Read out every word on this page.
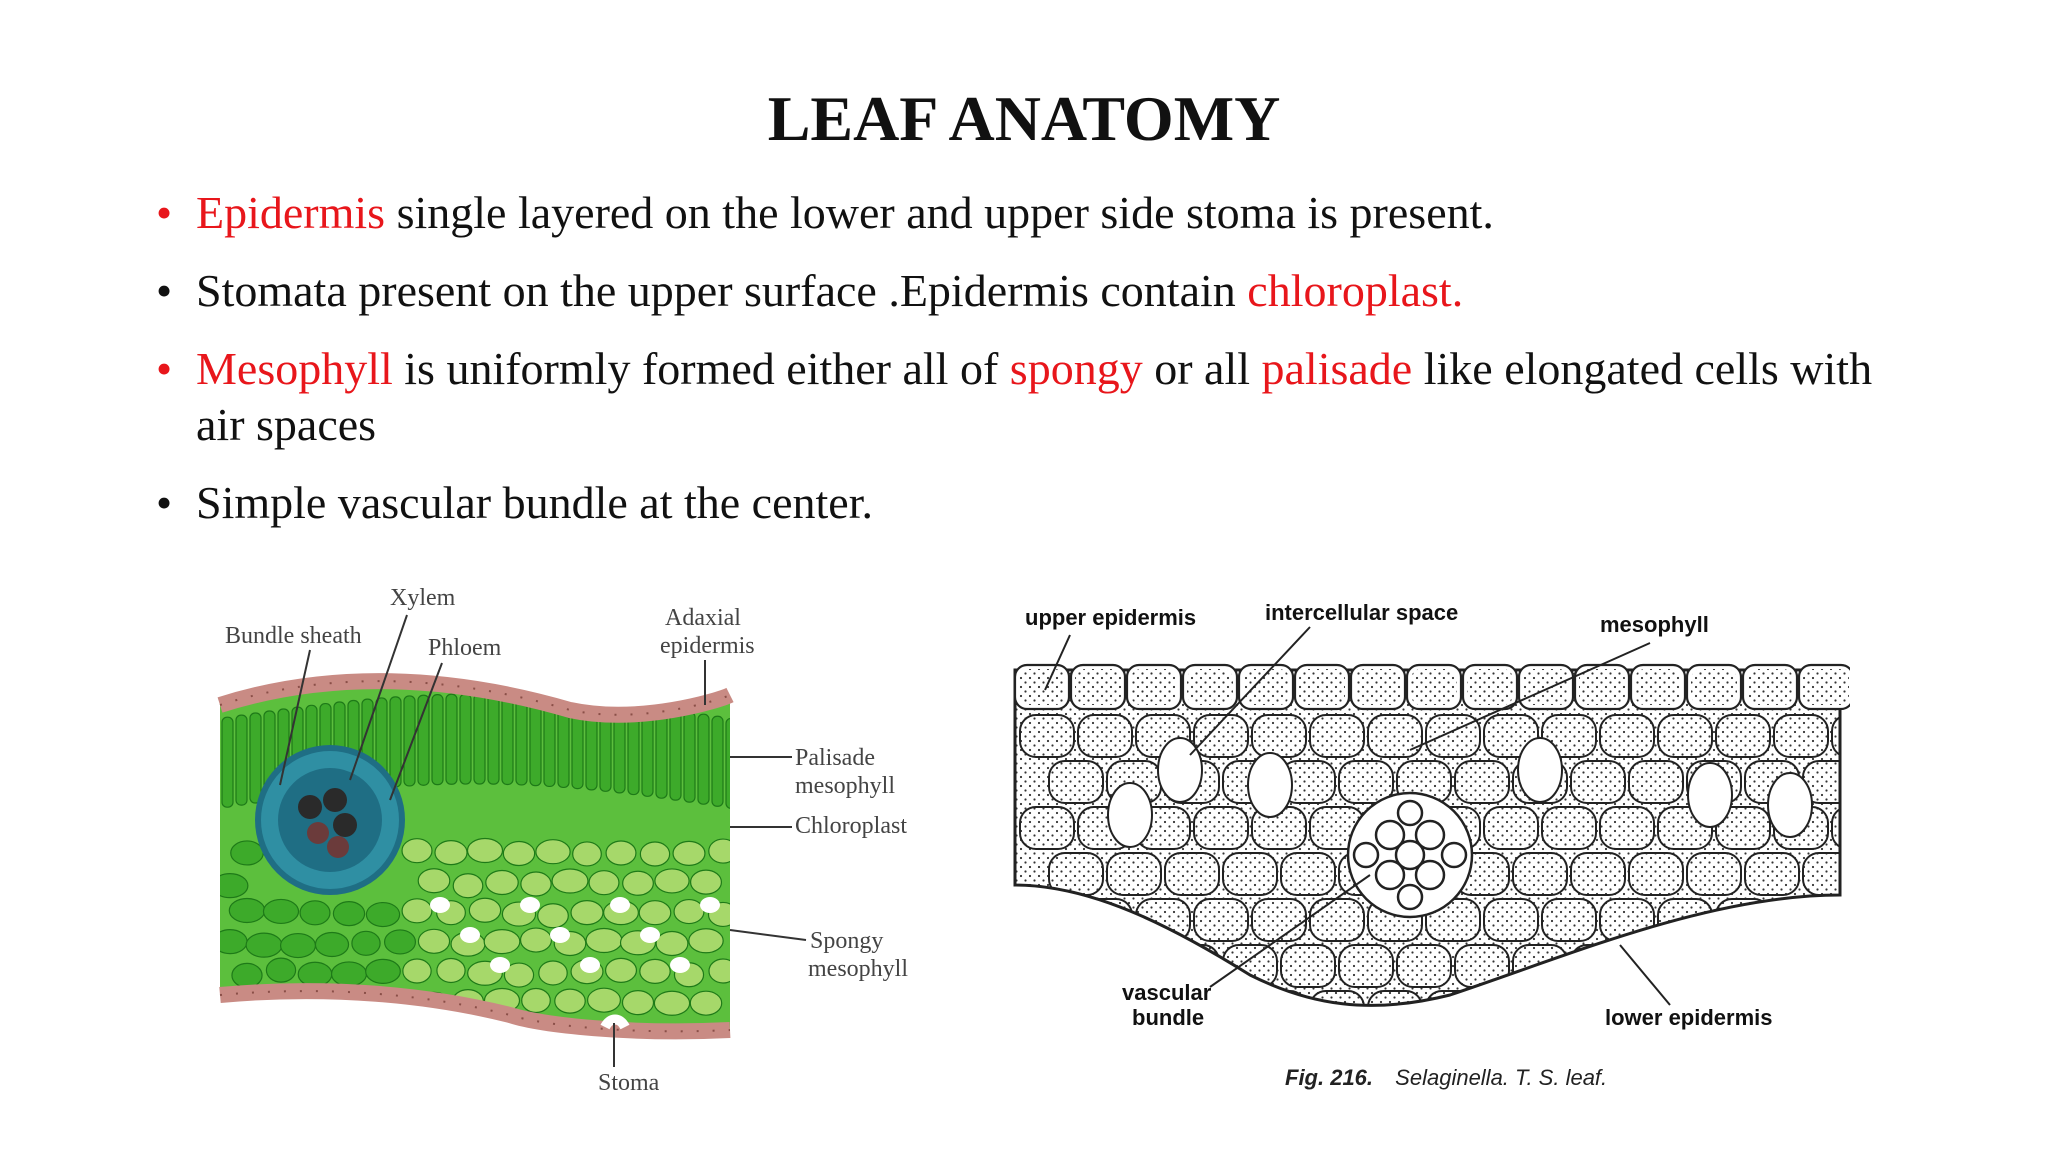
LEAF ANATOMY
• Epidermis single layered on the lower and upper side stoma is present.
• Stomata present on the upper surface .Epidermis contain chloroplast.
• Mesophyll is uniformly formed either all of spongy or all palisade like elongated cells with air spaces
• Simple vascular bundle at the center.
Xylem
Bundle sheath	Phloem
Adaxial
epidermis
Palisade
mesophyll
Chloroplast
Spongy
mesophyll
Stoma
upper epidermis	intercellular space	mesophyll
vascular
bundle	lower epidermis
Fig. 216. Selaginella. T. S. leaf.
